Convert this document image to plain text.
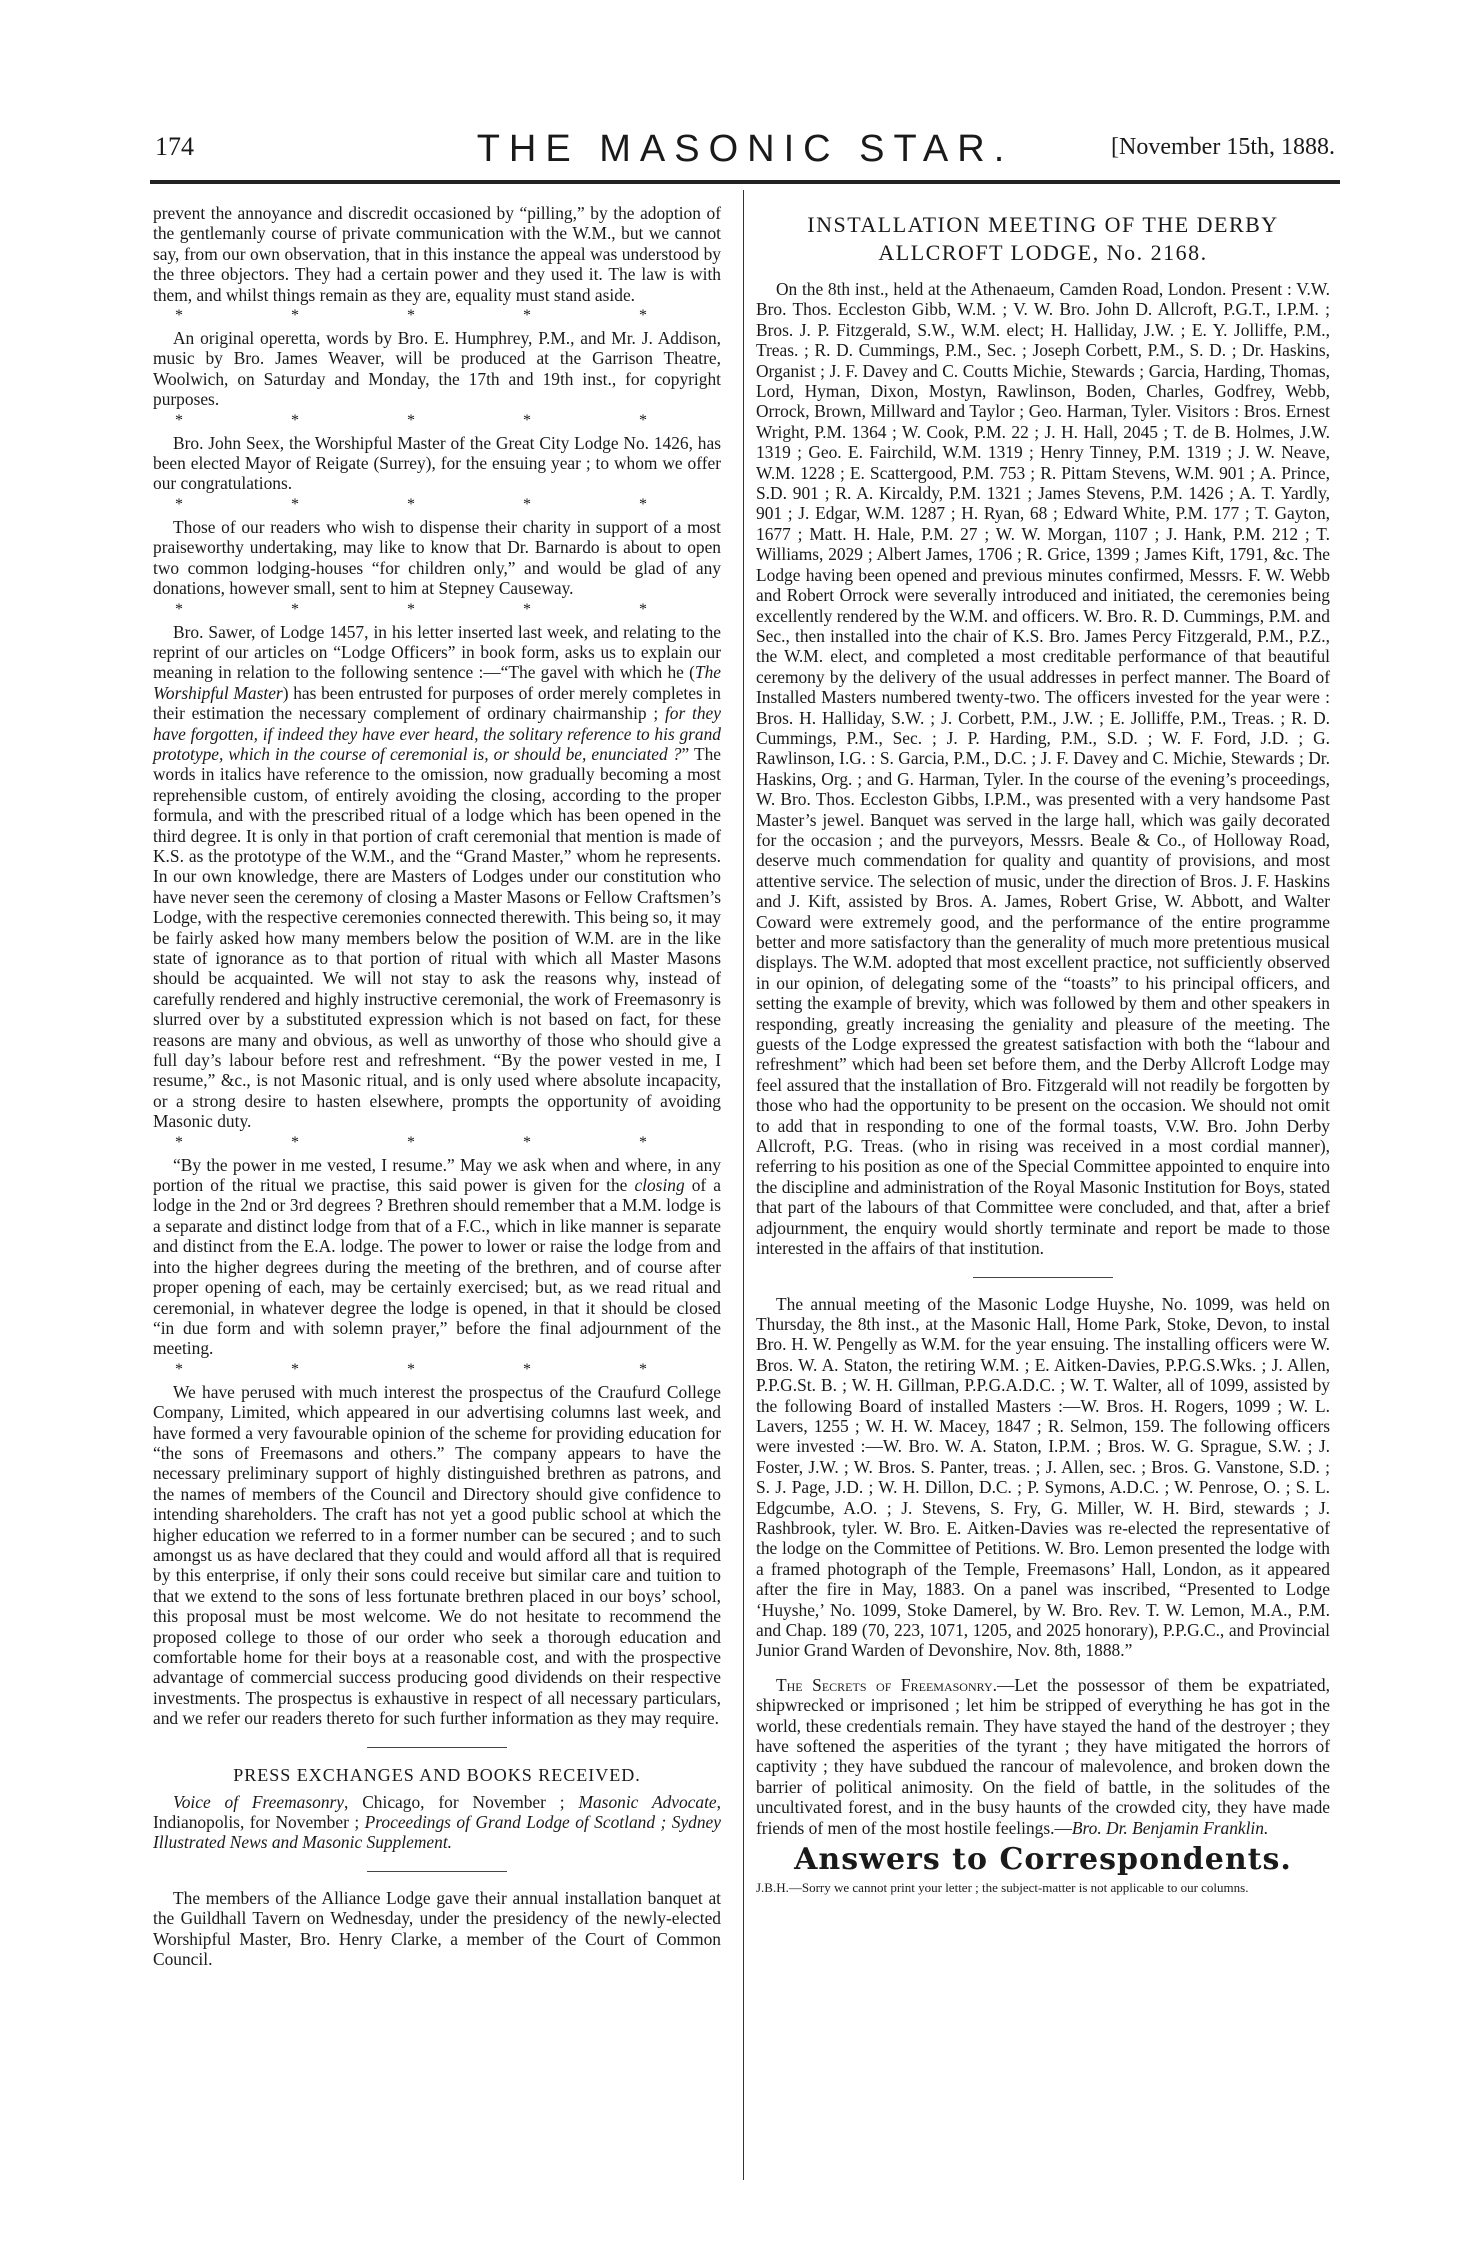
174	THE MASONIC STAR.	[November 15th, 1888.

prevent the annoyance and discredit occasioned by “pilling,” by the adoption of the gentlemanly course of private communication with the W.M., but we cannot say, from our own observation, that in this instance the appeal was understood by the three objectors. They had a certain power and they used it. The law is with them, and whilst things remain as they are, equality must stand aside.

* * * * *

An original operetta, words by Bro. E. Humphrey, P.M., and Mr. J. Addison, music by Bro. James Weaver, will be produced at the Garrison Theatre, Woolwich, on Saturday and Monday, the 17th and 19th inst., for copyright purposes.

* * * * *

Bro. John Seex, the Worshipful Master of the Great City Lodge No. 1426, has been elected Mayor of Reigate (Surrey), for the ensuing year ; to whom we offer our congratulations.

* * * * *

Those of our readers who wish to dispense their charity in support of a most praiseworthy undertaking, may like to know that Dr. Barnardo is about to open two common lodging-houses “for children only,” and would be glad of any donations, however small, sent to him at Stepney Causeway.

* * * * *

Bro. Sawer, of Lodge 1457, in his letter inserted last week, and relating to the reprint of our articles on “Lodge Officers” in book form, asks us to explain our meaning in relation to the following sentence :—“The gavel with which he (The Worshipful Master) has been entrusted for purposes of order merely completes in their estimation the necessary complement of ordinary chairmanship ; for they have forgotten, if indeed they have ever heard, the solitary reference to his grand prototype, which in the course of ceremonial is, or should be, enunciated ?” The words in italics have reference to the omission, now gradually becoming a most reprehensible custom, of entirely avoiding the closing, according to the proper formula, and with the prescribed ritual of a lodge which has been opened in the third degree. It is only in that portion of craft ceremonial that mention is made of K.S. as the prototype of the W.M., and the “Grand Master,” whom he represents. In our own knowledge, there are Masters of Lodges under our constitution who have never seen the ceremony of closing a Master Masons or Fellow Craftsmen’s Lodge, with the respective ceremonies connected therewith. This being so, it may be fairly asked how many members below the position of W.M. are in the like state of ignorance as to that portion of ritual with which all Master Masons should be acquainted. We will not stay to ask the reasons why, instead of carefully rendered and highly instructive ceremonial, the work of Freemasonry is slurred over by a substituted expression which is not based on fact, for these reasons are many and obvious, as well as unworthy of those who should give a full day’s labour before rest and refreshment. “By the power vested in me, I resume,” &c., is not Masonic ritual, and is only used where absolute incapacity, or a strong desire to hasten elsewhere, prompts the opportunity of avoiding Masonic duty.

* * * * *

“By the power in me vested, I resume.” May we ask when and where, in any portion of the ritual we practise, this said power is given for the closing of a lodge in the 2nd or 3rd degrees ? Brethren should remember that a M.M. lodge is a separate and distinct lodge from that of a F.C., which in like manner is separate and distinct from the E.A. lodge. The power to lower or raise the lodge from and into the higher degrees during the meeting of the brethren, and of course after proper opening of each, may be certainly exercised; but, as we read ritual and ceremonial, in whatever degree the lodge is opened, in that it should be closed “in due form and with solemn prayer,” before the final adjournment of the meeting.

* * * * *

We have perused with much interest the prospectus of the Craufurd College Company, Limited, which appeared in our advertising columns last week, and have formed a very favourable opinion of the scheme for providing education for “the sons of Freemasons and others.” The company appears to have the necessary preliminary support of highly distinguished brethren as patrons, and the names of members of the Council and Directory should give confidence to intending shareholders. The craft has not yet a good public school at which the higher education we referred to in a former number can be secured ; and to such amongst us as have declared that they could and would afford all that is required by this enterprise, if only their sons could receive but similar care and tuition to that we extend to the sons of less fortunate brethren placed in our boys’ school, this proposal must be most welcome. We do not hesitate to recommend the proposed college to those of our order who seek a thorough education and comfortable home for their boys at a reasonable cost, and with the prospective advantage of commercial success producing good dividends on their respective investments. The prospectus is exhaustive in respect of all necessary particulars, and we refer our readers thereto for such further information as they may require.

PRESS EXCHANGES AND BOOKS RECEIVED.

Voice of Freemasonry, Chicago, for November ; Masonic Advocate, Indianopolis, for November ; Proceedings of Grand Lodge of Scotland ; Sydney Illustrated News and Masonic Supplement.

The members of the Alliance Lodge gave their annual installation banquet at the Guildhall Tavern on Wednesday, under the presidency of the newly-elected Worshipful Master, Bro. Henry Clarke, a member of the Court of Common Council.

INSTALLATION MEETING OF THE DERBY ALLCROFT LODGE, No. 2168.

On the 8th inst., held at the Athenaeum, Camden Road, London. Present : V.W. Bro. Thos. Eccleston Gibb, W.M. ; V. W. Bro. John D. Allcroft, P.G.T., I.P.M. ; Bros. J. P. Fitzgerald, S.W., W.M. elect; H. Halliday, J.W. ; E. Y. Jolliffe, P.M., Treas. ; R. D. Cummings, P.M., Sec. ; Joseph Corbett, P.M., S. D. ; Dr. Haskins, Organist ; J. F. Davey and C. Coutts Michie, Stewards ; Garcia, Harding, Thomas, Lord, Hyman, Dixon, Mostyn, Rawlinson, Boden, Charles, Godfrey, Webb, Orrock, Brown, Millward and Taylor ; Geo. Harman, Tyler. Visitors : Bros. Ernest Wright, P.M. 1364 ; W. Cook, P.M. 22 ; J. H. Hall, 2045 ; T. de B. Holmes, J.W. 1319 ; Geo. E. Fairchild, W.M. 1319 ; Henry Tinney, P.M. 1319 ; J. W. Neave, W.M. 1228 ; E. Scattergood, P.M. 753 ; R. Pittam Stevens, W.M. 901 ; A. Prince, S.D. 901 ; R. A. Kircaldy, P.M. 1321 ; James Stevens, P.M. 1426 ; A. T. Yardly, 901 ; J. Edgar, W.M. 1287 ; H. Ryan, 68 ; Edward White, P.M. 177 ; T. Gayton, 1677 ; Matt. H. Hale, P.M. 27 ; W. W. Morgan, 1107 ; J. Hank, P.M. 212 ; T. Williams, 2029 ; Albert James, 1706 ; R. Grice, 1399 ; James Kift, 1791, &c. The Lodge having been opened and previous minutes confirmed, Messrs. F. W. Webb and Robert Orrock were severally introduced and initiated, the ceremonies being excellently rendered by the W.M. and officers. W. Bro. R. D. Cummings, P.M. and Sec., then installed into the chair of K.S. Bro. James Percy Fitzgerald, P.M., P.Z., the W.M. elect, and completed a most creditable performance of that beautiful ceremony by the delivery of the usual addresses in perfect manner. The Board of Installed Masters numbered twenty-two. The officers invested for the year were : Bros. H. Halliday, S.W. ; J. Corbett, P.M., J.W. ; E. Jolliffe, P.M., Treas. ; R. D. Cummings, P.M., Sec. ; J. P. Harding, P.M., S.D. ; W. F. Ford, J.D. ; G. Rawlinson, I.G. : S. Garcia, P.M., D.C. ; J. F. Davey and C. Michie, Stewards ; Dr. Haskins, Org. ; and G. Harman, Tyler. In the course of the evening’s proceedings, W. Bro. Thos. Eccleston Gibbs, I.P.M., was presented with a very handsome Past Master’s jewel. Banquet was served in the large hall, which was gaily decorated for the occasion ; and the purveyors, Messrs. Beale & Co., of Holloway Road, deserve much commendation for quality and quantity of provisions, and most attentive service. The selection of music, under the direction of Bros. J. F. Haskins and J. Kift, assisted by Bros. A. James, Robert Grise, W. Abbott, and Walter Coward were extremely good, and the performance of the entire programme better and more satisfactory than the generality of much more pretentious musical displays. The W.M. adopted that most excellent practice, not sufficiently observed in our opinion, of delegating some of the “toasts” to his principal officers, and setting the example of brevity, which was followed by them and other speakers in responding, greatly increasing the geniality and pleasure of the meeting. The guests of the Lodge expressed the greatest satisfaction with both the “labour and refreshment” which had been set before them, and the Derby Allcroft Lodge may feel assured that the installation of Bro. Fitzgerald will not readily be forgotten by those who had the opportunity to be present on the occasion. We should not omit to add that in responding to one of the formal toasts, V.W. Bro. John Derby Allcroft, P.G. Treas. (who in rising was received in a most cordial manner), referring to his position as one of the Special Committee appointed to enquire into the discipline and administration of the Royal Masonic Institution for Boys, stated that part of the labours of that Committee were concluded, and that, after a brief adjournment, the enquiry would shortly terminate and report be made to those interested in the affairs of that institution.

The annual meeting of the Masonic Lodge Huyshe, No. 1099, was held on Thursday, the 8th inst., at the Masonic Hall, Home Park, Stoke, Devon, to instal Bro. H. W. Pengelly as W.M. for the year ensuing. The installing officers were W. Bros. W. A. Staton, the retiring W.M. ; E. Aitken-Davies, P.P.G.S.Wks. ; J. Allen, P.P.G.St. B. ; W. H. Gillman, P.P.G.A.D.C. ; W. T. Walter, all of 1099, assisted by the following Board of installed Masters :—W. Bros. H. Rogers, 1099 ; W. L. Lavers, 1255 ; W. H. W. Macey, 1847 ; R. Selmon, 159. The following officers were invested :—W. Bro. W. A. Staton, I.P.M. ; Bros. W. G. Sprague, S.W. ; J. Foster, J.W. ; W. Bros. S. Panter, treas. ; J. Allen, sec. ; Bros. G. Vanstone, S.D. ; S. J. Page, J.D. ; W. H. Dillon, D.C. ; P. Symons, A.D.C. ; W. Penrose, O. ; S. L. Edgcumbe, A.O. ; J. Stevens, S. Fry, G. Miller, W. H. Bird, stewards ; J. Rashbrook, tyler. W. Bro. E. Aitken-Davies was re-elected the representative of the lodge on the Committee of Petitions. W. Bro. Lemon presented the lodge with a framed photograph of the Temple, Freemasons’ Hall, London, as it appeared after the fire in May, 1883. On a panel was inscribed, “Presented to Lodge ‘Huyshe,’ No. 1099, Stoke Damerel, by W. Bro. Rev. T. W. Lemon, M.A., P.M. and Chap. 189 (70, 223, 1071, 1205, and 2025 honorary), P.P.G.C., and Provincial Junior Grand Warden of Devonshire, Nov. 8th, 1888.”

The Secrets of Freemasonry.—Let the possessor of them be expatriated, shipwrecked or imprisoned ; let him be stripped of everything he has got in the world, these credentials remain. They have stayed the hand of the destroyer ; they have softened the asperities of the tyrant ; they have mitigated the horrors of captivity ; they have subdued the rancour of malevolence, and broken down the barrier of political animosity. On the field of battle, in the solitudes of the uncultivated forest, and in the busy haunts of the crowded city, they have made friends of men of the most hostile feelings.—Bro. Dr. Benjamin Franklin.

Answers to Correspondents.

J.B.H.—Sorry we cannot print your letter ; the subject-matter is not applicable to our columns.
